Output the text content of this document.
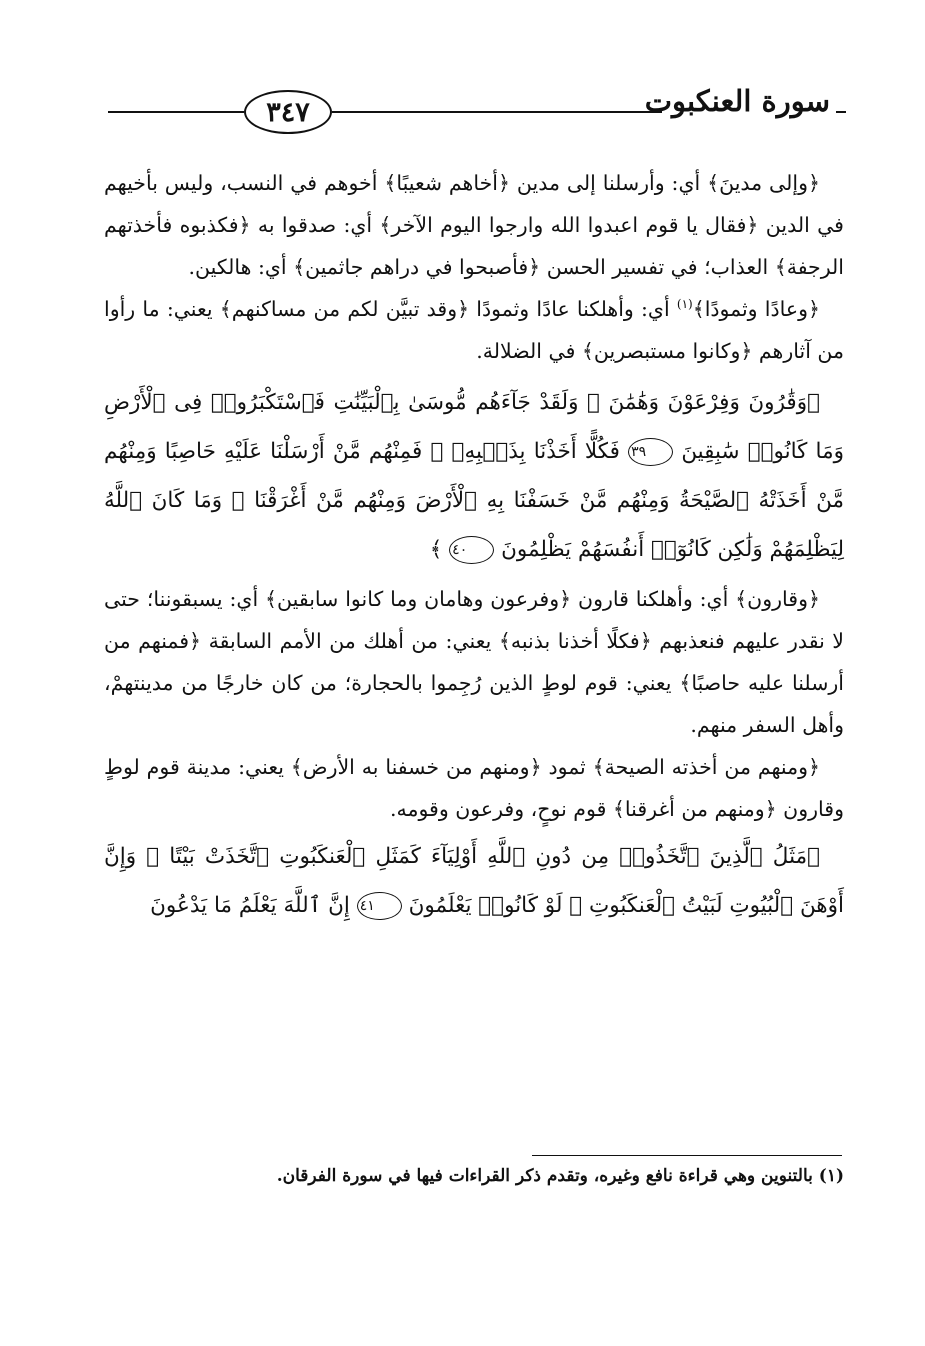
٣٤٧	سورة العنكبوت

﴿وإلى مدينَ﴾ أي: وأرسلنا إلى مدين ﴿أخاهم شعيبًا﴾ أخوهم في النسب، وليس بأخيهم في الدين ﴿فقال يا قوم اعبدوا الله وارجوا اليوم الآخر﴾ أي: صدقوا به ﴿فكذبوه فأخذتهم الرجفة﴾ العذاب؛ في تفسير الحسن ﴿فأصبحوا في دراهم جاثمين﴾ أي: هالكين.

﴿وعادًا وثمودًا﴾$^{(١)}$ أي: وأهلكنا عادًا وثمودًا ﴿وقد تبيَّن لكم من مساكنهم﴾ يعني: ما رأوا من آثارهم ﴿وكانوا مستبصرين﴾ في الضلالة.

﴿وَقَٰرُونَ وَفِرْعَوْنَ وَهَٰمَٰنَ ۖ وَلَقَدْ جَآءَهُم مُّوسَىٰ بِٱلْبَيِّنَٰتِ فَٱسْتَكْبَرُوا۟ فِى ٱلْأَرْضِ وَمَا كَانُوا۟ سَٰبِقِينَ ٣٩ فَكُلًّا أَخَذْنَا بِذَنۢبِهِۦ ۖ فَمِنْهُم مَّنْ أَرْسَلْنَا عَلَيْهِ حَاصِبًا وَمِنْهُم مَّنْ أَخَذَتْهُ ٱلصَّيْحَةُ وَمِنْهُم مَّنْ خَسَفْنَا بِهِ ٱلْأَرْضَ وَمِنْهُم مَّنْ أَغْرَقْنَا ۚ وَمَا كَانَ ٱللَّهُ لِيَظْلِمَهُمْ وَلَٰكِن كَانُوٓا۟ أَنفُسَهُمْ يَظْلِمُونَ ٤٠ ﴾

﴿وقارون﴾ أي: وأهلكنا قارون ﴿وفرعون وهامان وما كانوا سابقين﴾ أي: يسبقوننا؛ حتى لا نقدر عليهم فنعذبهم ﴿فكلًا أخذنا بذنبه﴾ يعني: من أهلك من الأمم السابقة ﴿فمنهم من أرسلنا عليه حاصبًا﴾ يعني: قوم لوطٍ الذين رُجِموا بالحجارة؛ من كان خارجًا من مدينتهمْ، وأهل السفر منهم.

﴿ومنهم من أخذته الصيحة﴾ ثمود ﴿ومنهم من خسفنا به الأرض﴾ يعني: مدينة قوم لوطٍ وقارون ﴿ومنهم من أغرقنا﴾ قوم نوحٍ، وفرعون وقومه.

﴿مَثَلُ ٱلَّذِينَ ٱتَّخَذُوا۟ مِن دُونِ ٱللَّهِ أَوْلِيَآءَ كَمَثَلِ ٱلْعَنكَبُوتِ ٱتَّخَذَتْ بَيْتًا ۖ وَإِنَّ أَوْهَنَ ٱلْبُيُوتِ لَبَيْتُ ٱلْعَنكَبُوتِ ۖ لَوْ كَانُوا۟ يَعْلَمُونَ ٤١ إِنَّ ٱللَّهَ يَعْلَمُ مَا يَدْعُونَ

(١) بالتنوين وهي قراءة نافع وغيره، وتقدم ذكر القراءات فيها في سورة الفرقان.
